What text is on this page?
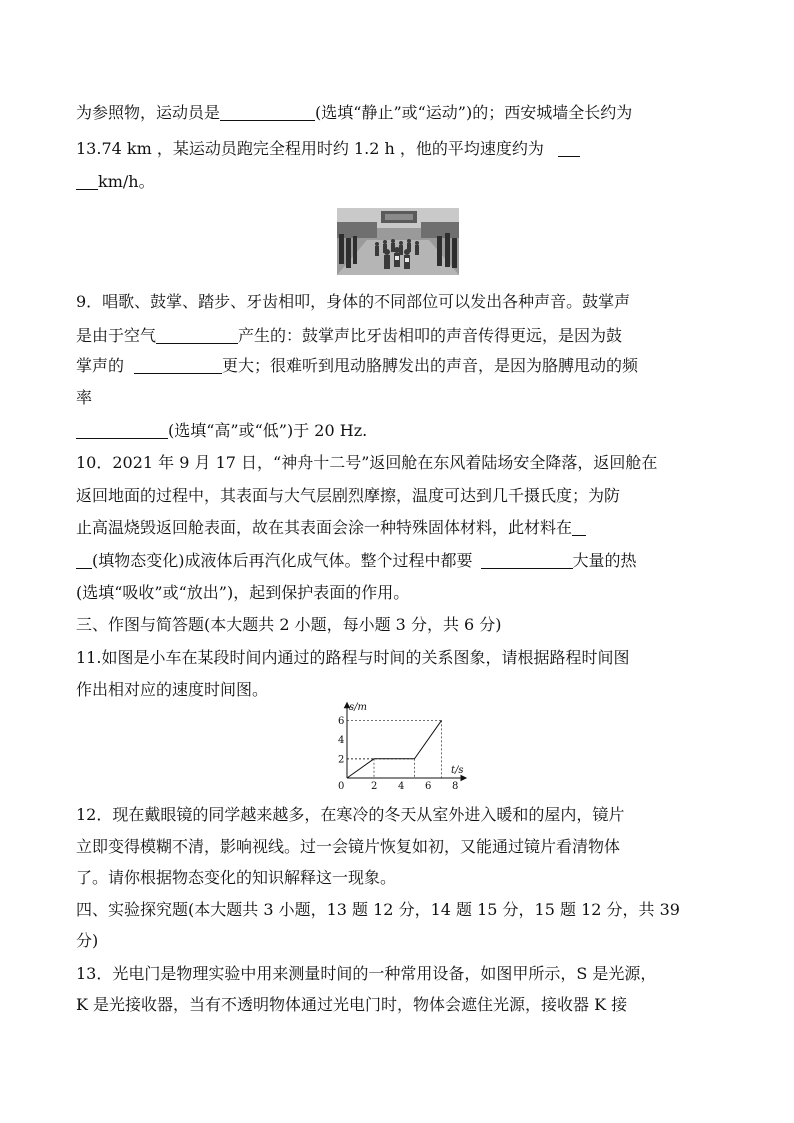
为参照物，运动员是	(选填“静止”或“运动”)的；西安城墙全长约为
13.74 km ，某运动员跑完全程用时约 1.2 h ，他的平均速度约为
km/h。
9．唱歌、鼓掌、踏步、牙齿相叩，身体的不同部位可以发出各种声音。鼓掌声
是由于空气	产生的：鼓掌声比牙齿相叩的声音传得更远，是因为鼓
掌声的	更大；很难听到甩动胳膊发出的声音，是因为胳膊甩动的频
率
(选填“高”或“低”)于 20 Hz.
10．2021 年 9 月 17 日，“神舟十二号”返回舱在东风着陆场安全降落，返回舱在
返回地面的过程中，其表面与大气层剧烈摩擦，温度可达到几千摄氏度；为防
止高温烧毁返回舱表面，故在其表面会涂一种特殊固体材料，此材料在
(填物态变化)成液体后再汽化成气体。整个过程中都要	大量的热
(选填“吸收”或“放出”)，起到保护表面的作用。
三、作图与简答题(本大题共 2 小题，每小题 3 分，共 6 分)
11.如图是小车在某段时间内通过的路程与时间的关系图象，请根据路程时间图
作出相对应的速度时间图。
0	2 4 6 8
2
4
6
s/m
t/s
12．现在戴眼镜的同学越来越多，在寒冷的冬天从室外进入暖和的屋内，镜片
立即变得模糊不清，影响视线。过一会镜片恢复如初，又能通过镜片看清物体
了。请你根据物态变化的知识解释这一现象。
四、实验探究题(本大题共 3 小题，13 题 12 分，14 题 15 分，15 题 12 分，共 39
分)
13．光电门是物理实验中用来测量时间的一种常用设备，如图甲所示，S 是光源，
K 是光接收器，当有不透明物体通过光电门时，物体会遮住光源，接收器 K 接
